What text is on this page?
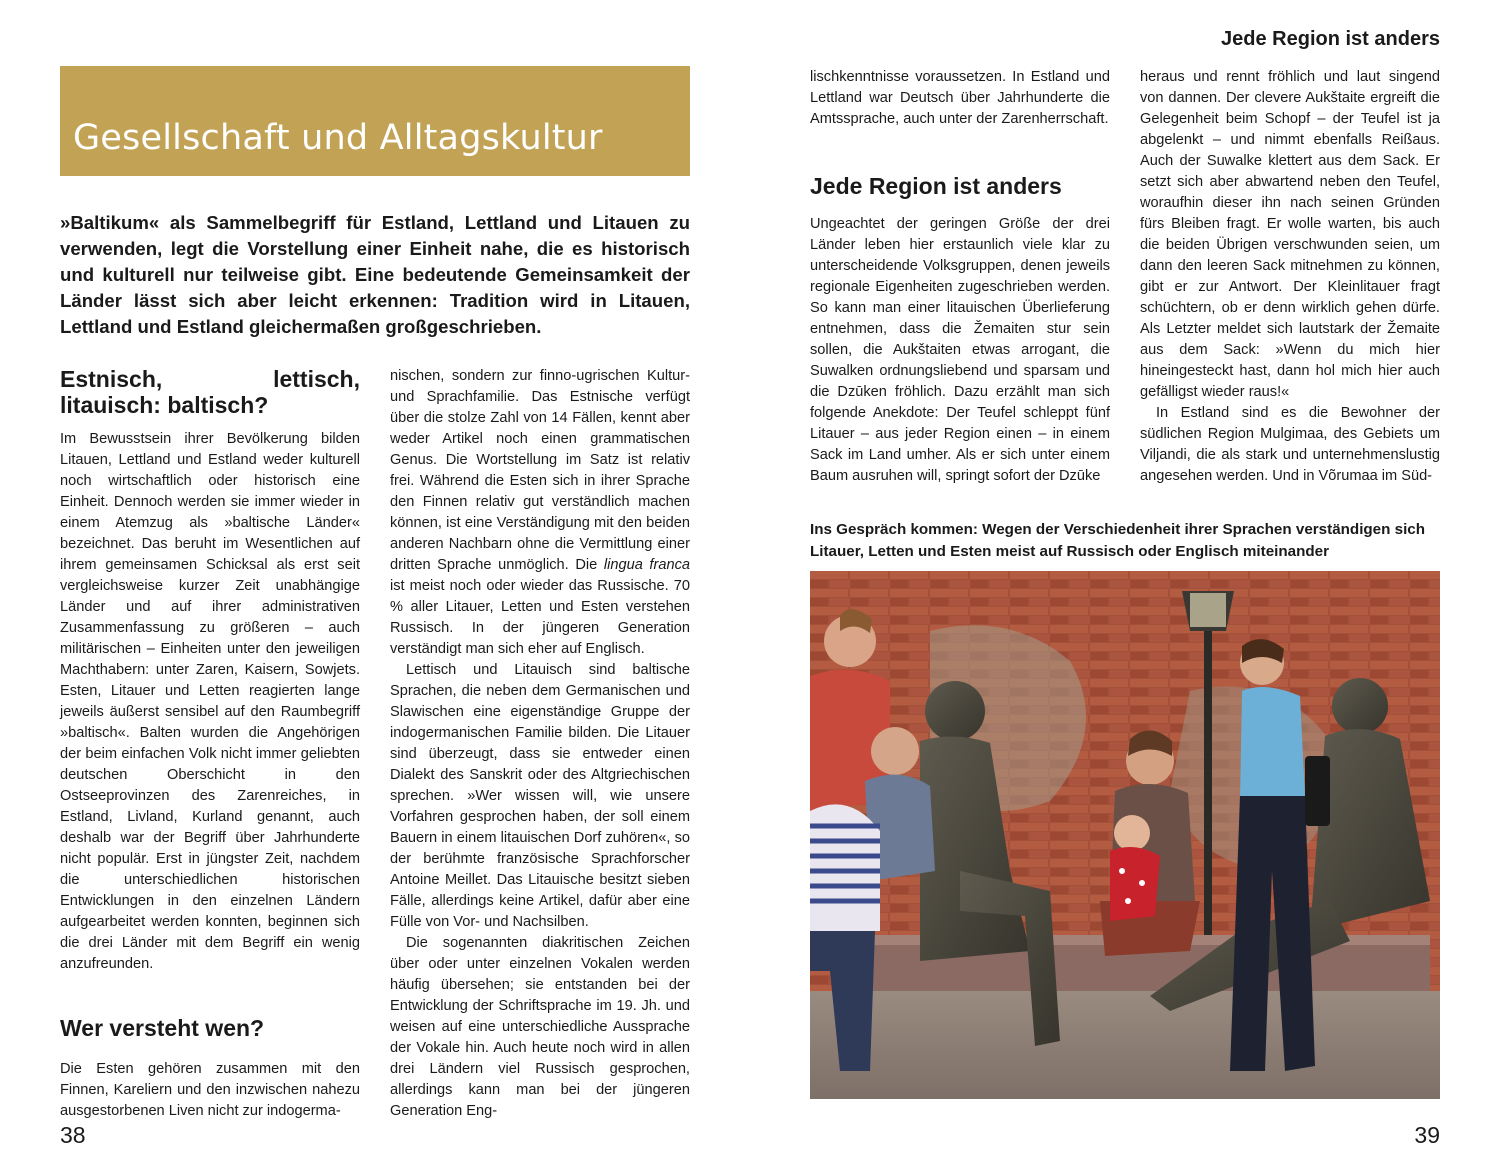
Gesellschaft und Alltagskultur

»Baltikum« als Sammelbegriff für Estland, Lettland und Litauen zu verwenden, legt die Vorstellung einer Einheit nahe, die es historisch und kulturell nur teilweise gibt. Eine bedeutende Gemeinsamkeit der Länder lässt sich aber leicht erkennen: Tradition wird in Litauen, Lettland und Estland gleichermaßen großgeschrieben.

Estnisch, lettisch, litauisch: baltisch?

Im Bewusstsein ihrer Bevölkerung bilden Litauen, Lettland und Estland weder kulturell noch wirtschaftlich oder historisch eine Einheit. Dennoch werden sie immer wieder in einem Atemzug als »baltische Länder« bezeichnet. Das beruht im Wesentlichen auf ihrem gemeinsamen Schicksal als erst seit vergleichsweise kurzer Zeit unabhängige Länder und auf ihrer administrativen Zusammenfassung zu größeren – auch militärischen – Einheiten unter den jeweiligen Machthabern: unter Zaren, Kaisern, Sowjets. Esten, Litauer und Letten reagierten lange jeweils äußerst sensibel auf den Raumbegriff »baltisch«. Balten wurden die Angehörigen der beim einfachen Volk nicht immer geliebten deutschen Oberschicht in den Ostseeprovinzen des Zarenreiches, in Estland, Livland, Kurland genannt, auch deshalb war der Begriff über Jahrhunderte nicht populär. Erst in jüngster Zeit, nachdem die unterschiedlichen historischen Entwicklungen in den einzelnen Ländern aufgearbeitet werden konnten, beginnen sich die drei Länder mit dem Begriff ein wenig anzufreunden.

Wer versteht wen?

Die Esten gehören zusammen mit den Finnen, Kareliern und den inzwischen nahezu ausgestorbenen Liven nicht zur indogerma-

nischen, sondern zur finno-ugrischen Kultur- und Sprachfamilie. Das Estnische verfügt über die stolze Zahl von 14 Fällen, kennt aber weder Artikel noch einen grammatischen Genus. Die Wortstellung im Satz ist relativ frei. Während die Esten sich in ihrer Sprache den Finnen relativ gut verständlich machen können, ist eine Verständigung mit den beiden anderen Nachbarn ohne die Vermittlung einer dritten Sprache unmöglich. Die lingua franca ist meist noch oder wieder das Russische. 70 % aller Litauer, Letten und Esten verstehen Russisch. In der jüngeren Generation verständigt man sich eher auf Englisch.

Lettisch und Litauisch sind baltische Sprachen, die neben dem Germanischen und Slawischen eine eigenständige Gruppe der indogermanischen Familie bilden. Die Litauer sind überzeugt, dass sie entweder einen Dialekt des Sanskrit oder des Altgriechischen sprechen. »Wer wissen will, wie unsere Vorfahren gesprochen haben, der soll einem Bauern in einem litauischen Dorf zuhören«, so der berühmte französische Sprachforscher Antoine Meillet. Das Litauische besitzt sieben Fälle, allerdings keine Artikel, dafür aber eine Fülle von Vor- und Nachsilben.

Die sogenannten diakritischen Zeichen über oder unter einzelnen Vokalen werden häufig übersehen; sie entstanden bei der Entwicklung der Schriftsprache im 19. Jh. und weisen auf eine unterschiedliche Aussprache der Vokale hin. Auch heute noch wird in allen drei Ländern viel Russisch gesprochen, allerdings kann man bei der jüngeren Generation Eng-

38
Jede Region ist anders

lischkenntnisse voraussetzen. In Estland und Lettland war Deutsch über Jahrhunderte die Amtssprache, auch unter der Zarenherrschaft.

Jede Region ist anders

Ungeachtet der geringen Größe der drei Länder leben hier erstaunlich viele klar zu unterscheidende Volksgruppen, denen jeweils regionale Eigenheiten zugeschrieben werden. So kann man einer litauischen Überlieferung entnehmen, dass die Žemaiten stur sein sollen, die Aukštaiten etwas arrogant, die Suwalken ordnungsliebend und sparsam und die Dzūken fröhlich. Dazu erzählt man sich folgende Anekdote: Der Teufel schleppt fünf Litauer – aus jeder Region einen – in einem Sack im Land umher. Als er sich unter einem Baum ausruhen will, springt sofort der Dzūke

heraus und rennt fröhlich und laut singend von dannen. Der clevere Aukštaite ergreift die Gelegenheit beim Schopf – der Teufel ist ja abgelenkt – und nimmt ebenfalls Reißaus. Auch der Suwalke klettert aus dem Sack. Er setzt sich aber abwartend neben den Teufel, woraufhin dieser ihn nach seinen Gründen fürs Bleiben fragt. Er wolle warten, bis auch die beiden Übrigen verschwunden seien, um dann den leeren Sack mitnehmen zu können, gibt er zur Antwort. Der Kleinlitauer fragt schüchtern, ob er denn wirklich gehen dürfe. Als Letzter meldet sich lautstark der Žemaite aus dem Sack: »Wenn du mich hier hineingesteckt hast, dann hol mich hier auch gefälligst wieder raus!«

In Estland sind es die Bewohner der südlichen Region Mulgimaa, des Gebiets um Viljandi, die als stark und unternehmenslustig angesehen werden. Und in Võrumaa im Süd-

Ins Gespräch kommen: Wegen der Verschiedenheit ihrer Sprachen verständigen sich Litauer, Letten und Esten meist auf Russisch oder Englisch miteinander

39
